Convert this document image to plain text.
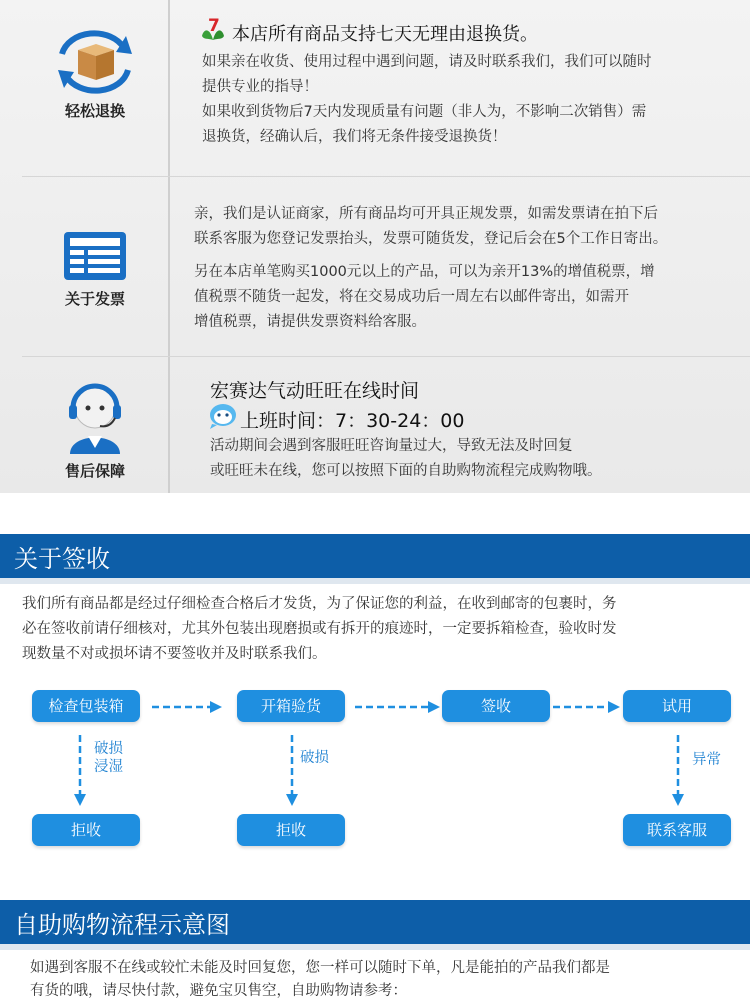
轻松退换
7 本店所有商品支持七天无理由退换货。
如果亲在收货、使用过程中遇到问题，请及时联系我们，我们可以随时
提供专业的指导！
如果收到货物后7天内发现质量有问题（非人为，不影响二次销售）需
退换货，经确认后，我们将无条件接受退换货！
关于发票
亲，我们是认证商家，所有商品均可开具正规发票，如需发票请在拍下后
联系客服为您登记发票抬头，发票可随货发，登记后会在5个工作日寄出。
另在本店单笔购买1000元以上的产品，可以为亲开13%的增值税票，增
值税票不随货一起发，将在交易成功后一周左右以邮件寄出，如需开
增值税票，请提供发票资料给客服。
售后保障
宏赛达气动旺旺在线时间
上班时间：7：30-24：00
活动期间会遇到客服旺旺咨询量过大，导致无法及时回复
或旺旺未在线，您可以按照下面的自助购物流程完成购物哦。
关于签收
我们所有商品都是经过仔细检查合格后才发货，为了保证您的利益，在收到邮寄的包裹时，务
必在签收前请仔细核对，尤其外包装出现磨损或有拆开的痕迹时，一定要拆箱检查，验收时发
现数量不对或损坏请不要签收并及时联系我们。
检查包装箱	开箱验货	签收	试用
破损
浸湿
破损	异常
拒收	拒收	联系客服
自助购物流程示意图
如遇到客服不在线或较忙未能及时回复您，您一样可以随时下单，凡是能拍的产品我们都是
有货的哦，请尽快付款，避免宝贝售空，自助购物请参考：
